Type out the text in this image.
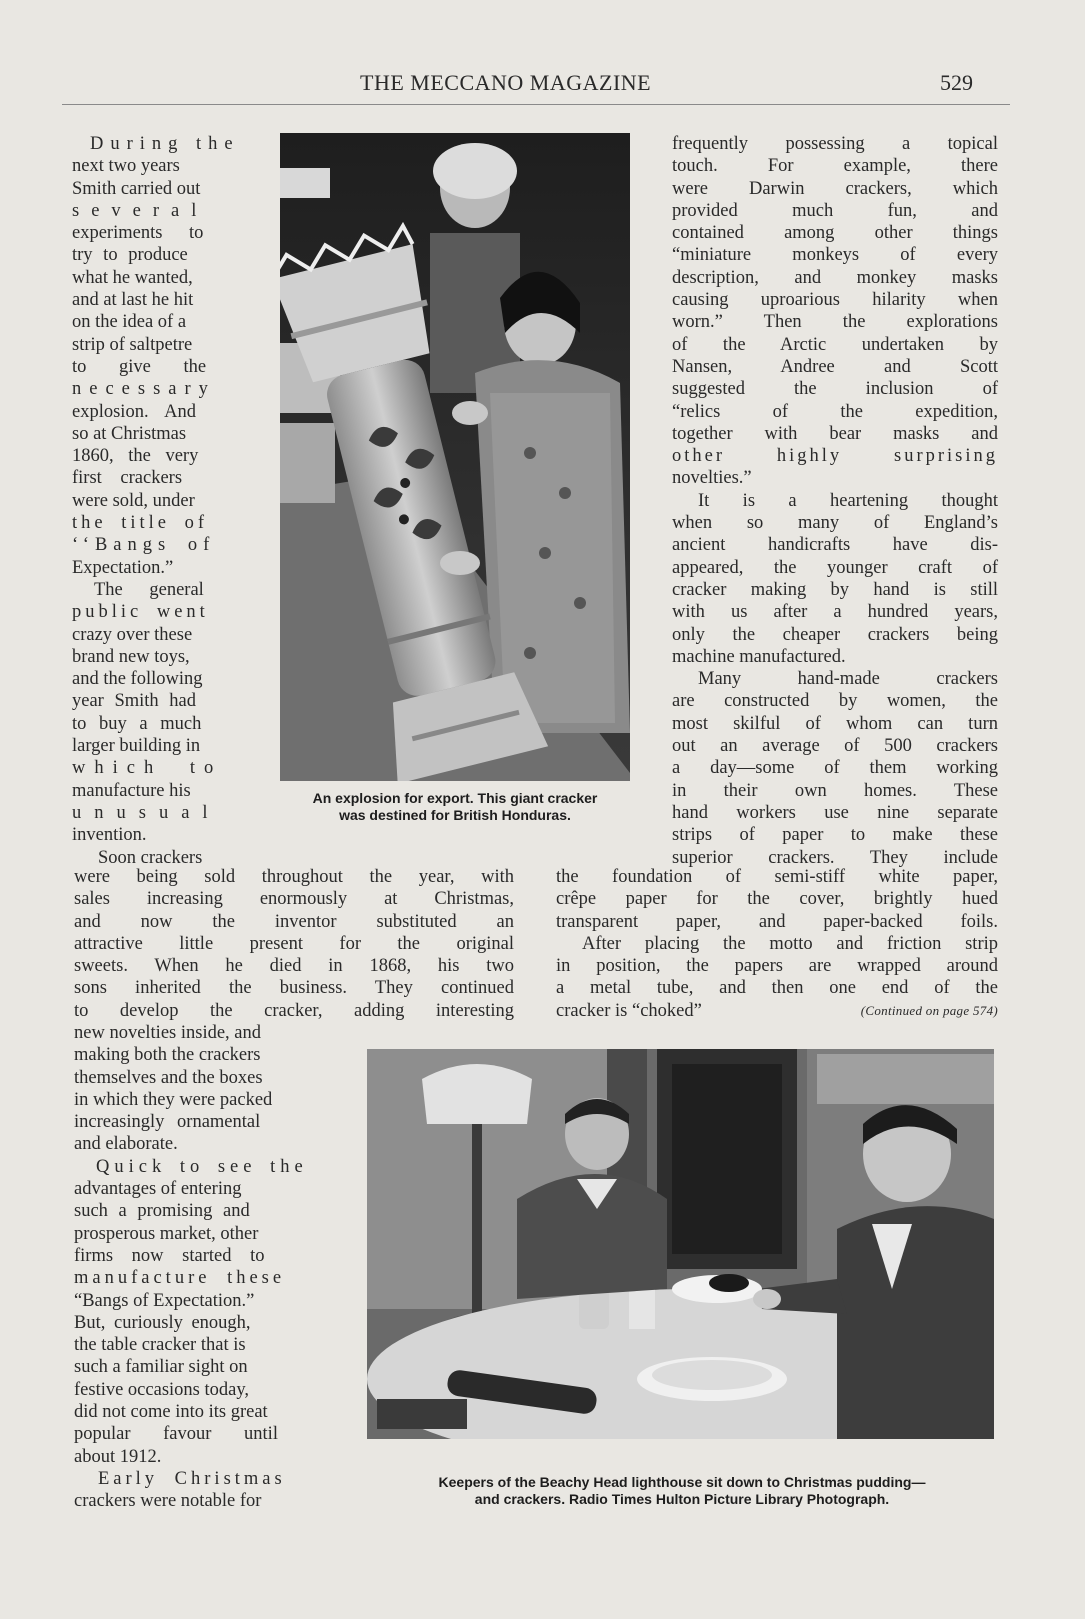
THE MECCANO MAGAZINE	529

During the

next two years

Smith carried out

several

experiments to

try to produce

what he wanted,

and at last he hit

on the idea of a

strip of saltpetre

to give the

necessary

explosion. And

so at Christmas

1860, the very

first crackers

were sold, under

the title of

‘‘Bangs of

Expectation.”

The general

public went

crazy over these

brand new toys,

and the following

year Smith had

to buy a much

larger building in

which to

manufacture his

unusual

invention.

Soon crackers

were being sold throughout the year, with

sales increasing enormously at Christmas,

and now the inventor substituted an

attractive little present for the original

sweets. When he died in 1868, his two

sons inherited the business. They continued

to develop the cracker, adding interesting

new novelties inside, and

making both the crackers

themselves and the boxes

in which they were packed

increasingly ornamental

and elaborate.

Quick to see the

advantages of entering

such a promising and

prosperous market, other

firms now started to

manufacture these

“Bangs of Expectation.”

But, curiously enough,

the table cracker that is

such a familiar sight on

festive occasions today,

did not come into its great

popular favour until

about 1912.

Early Christmas

crackers were notable for

frequently possessing a topical

touch. For example, there

were Darwin crackers, which

provided much fun, and

contained among other things

“miniature monkeys of every

description, and monkey masks

causing uproarious hilarity when

worn.” Then the explorations

of the Arctic undertaken by

Nansen, Andree and Scott

suggested the inclusion of

“relics of the expedition,

together with bear masks and

other highly surprising

novelties.”

It is a heartening thought

when so many of England’s

ancient handicrafts have dis-

appeared, the younger craft of

cracker making by hand is still

with us after a hundred years,

only the cheaper crackers being

machine manufactured.

Many hand-made crackers

are constructed by women, the

most skilful of whom can turn

out an average of 500 crackers

a day—some of them working

in their own homes. These

hand workers use nine separate

strips of paper to make these

superior crackers. They include

the foundation of semi-stiff white paper,

crêpe paper for the cover, brightly hued

transparent paper, and paper-backed foils.

After placing the motto and friction strip

in position, the papers are wrapped around

a metal tube, and then one end of the

cracker is “choked”	(Continued on page 574)

An explosion for export. This giant cracker
was destined for British Honduras.
Keepers of the Beachy Head lighthouse sit down to Christmas pudding—
and crackers. Radio Times Hulton Picture Library Photograph.
